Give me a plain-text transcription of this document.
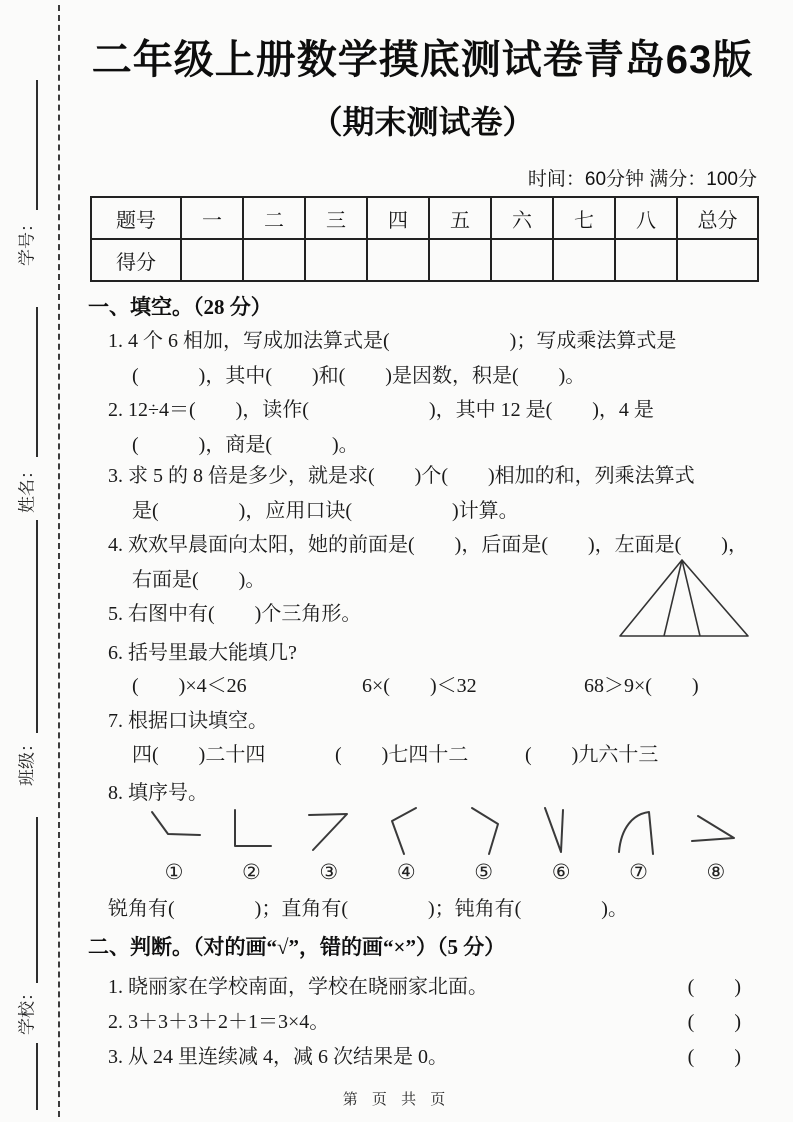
学号：
姓名：
班级：
学校：
二年级上册数学摸底测试卷青岛63版
（期末测试卷）
时间：60分钟 满分：100分
题号	一	二	三	四	五	六	七	八	总分
得分									
一、填空。（28 分）
1. 4 个 6 相加，写成加法算式是(　　　　　　)；写成乘法算式是
(　　　)，其中(　　)和(　　)是因数，积是(　　)。
2. 12÷4＝(　　)，读作(　　　　　　)，其中 12 是(　　)，4 是
(　　　)，商是(　　　)。
3. 求 5 的 8 倍是多少，就是求(　　)个(　　)相加的和，列乘法算式
是(　　　　)，应用口诀(　　　　　)计算。
4. 欢欢早晨面向太阳，她的前面是(　　)，后面是(　　)，左面是(　　)，
右面是(　　)。
5. 右图中有(　　)个三角形。
6. 括号里最大能填几?
(　　)×4＜26	6×(　　)＜32	68＞9×(　　)
7. 根据口诀填空。
四(　　)二十四	(　　)七四十二	(　　)九六十三
8. 填序号。
①	②	③	④	⑤	⑥	⑦	⑧
锐角有(　　　　)；直角有(　　　　)；钝角有(　　　　)。
二、判断。（对的画“√”，错的画“×”）（5 分）
1. 晓丽家在学校南面，学校在晓丽家北面。	(　　)
2. 3＋3＋3＋2＋1＝3×4。	(　　)
3. 从 24 里连续减 4，减 6 次结果是 0。	(　　)
第 页 共 页
